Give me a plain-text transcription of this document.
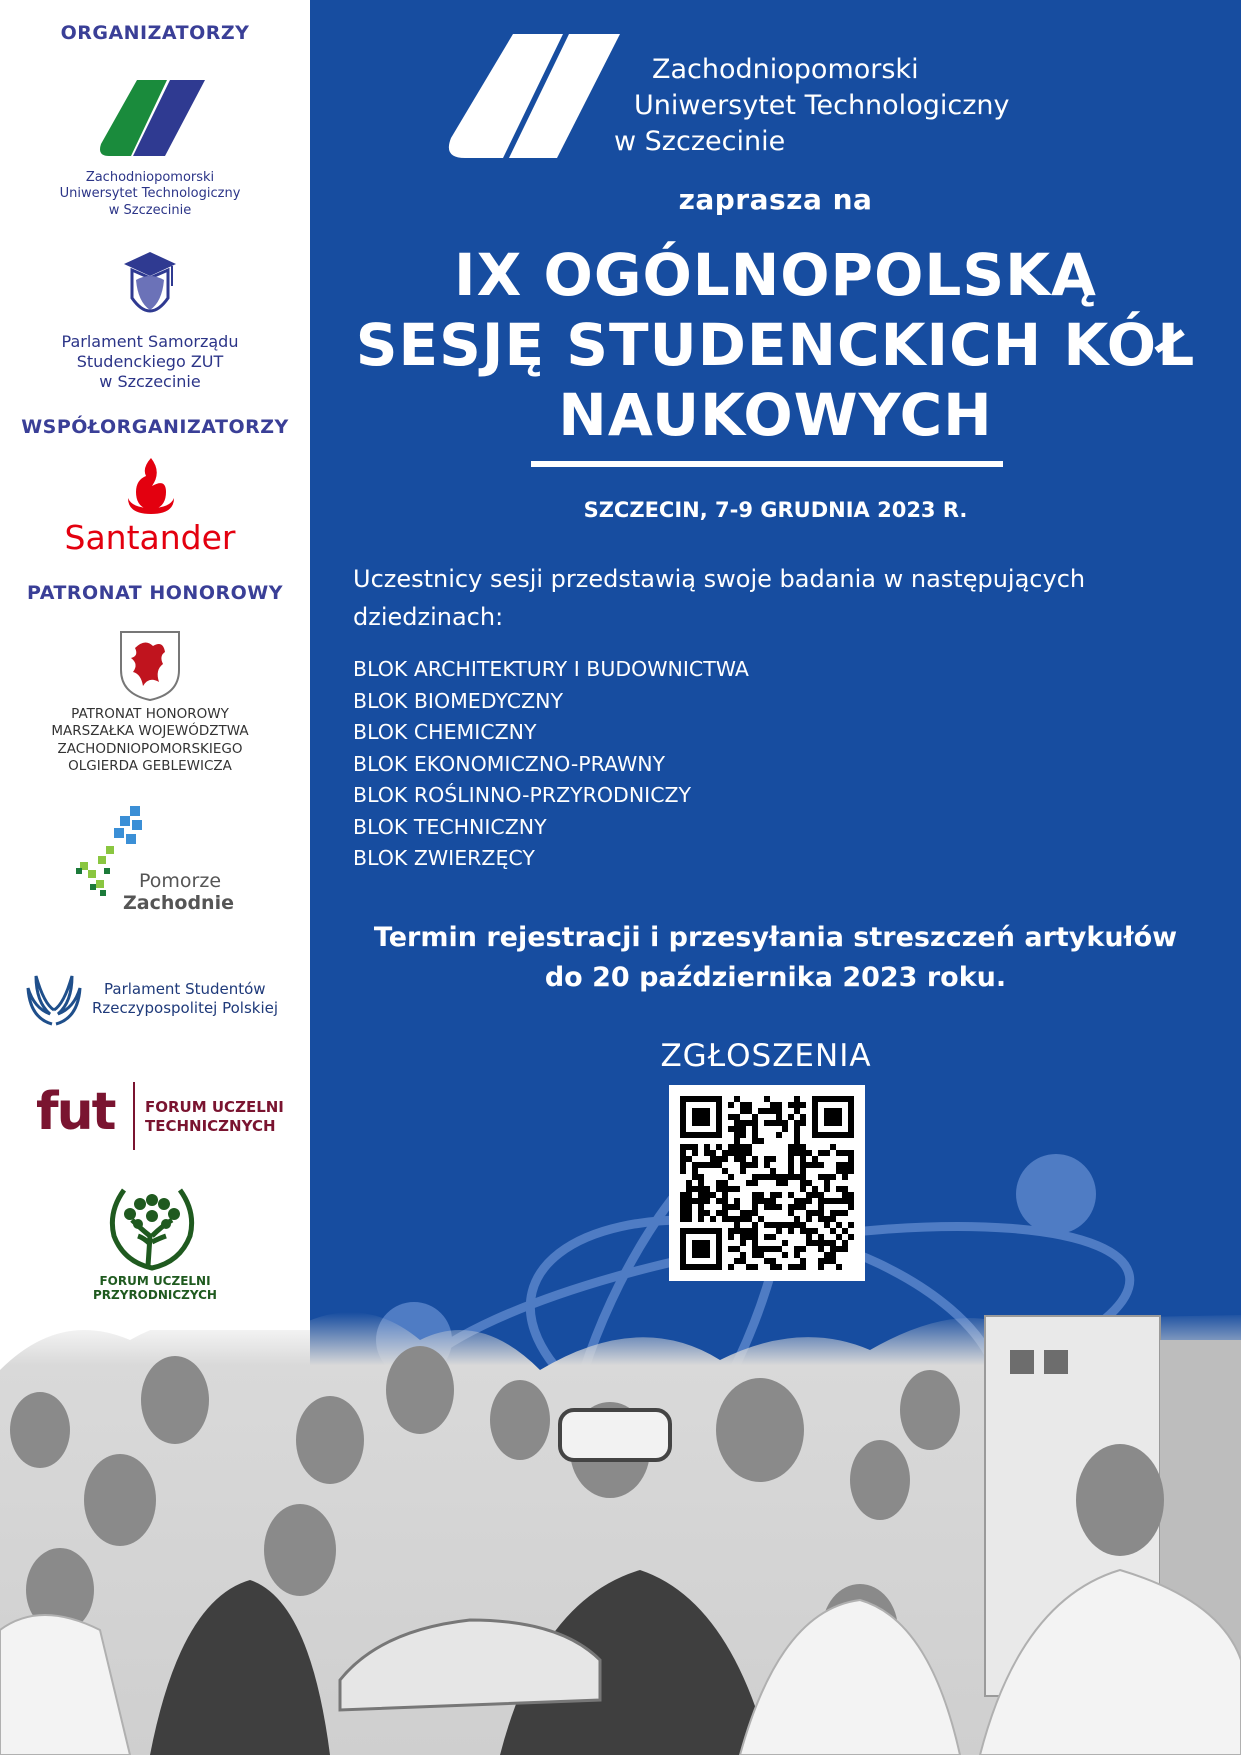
Zachodniopomorski
Uniwersytet Technologiczny
w Szczecinie
zaprasza na
IX OGÓLNOPOLSKĄ
SESJĘ STUDENCKICH KÓŁ
NAUKOWYCH
SZCZECIN, 7-9 GRUDNIA 2023 R.
Uczestnicy sesji przedstawią swoje badania w następujących
dziedzinach:
BLOK ARCHITEKTURY I BUDOWNICTWA
BLOK BIOMEDYCZNY
BLOK CHEMICZNY
BLOK EKONOMICZNO-PRAWNY
BLOK ROŚLINNO-PRZYRODNICZY
BLOK TECHNICZNY
BLOK ZWIERZĘCY
Termin rejestracji i przesyłania streszczeń artykułów
do 20 października 2023 roku.
ZGŁOSZENIA
ORGANIZATORZY
Zachodniopomorski
Uniwersytet Technologiczny
w Szczecinie
Parlament Samorządu
Studenckiego ZUT
w Szczecinie
WSPÓŁORGANIZATORZY
Santander
PATRONAT HONOROWY
PATRONAT HONOROWY
MARSZAŁKA WOJEWÓDZTWA
ZACHODNIOPOMORSKIEGO
OLGIERDA GEBLEWICZA
Pomorze
Zachodnie
Parlament Studentów
Rzeczypospolitej Polskiej
fut FORUM UCZELNI
TECHNICZNYCH
FORUM UCZELNI
PRZYRODNICZYCH
